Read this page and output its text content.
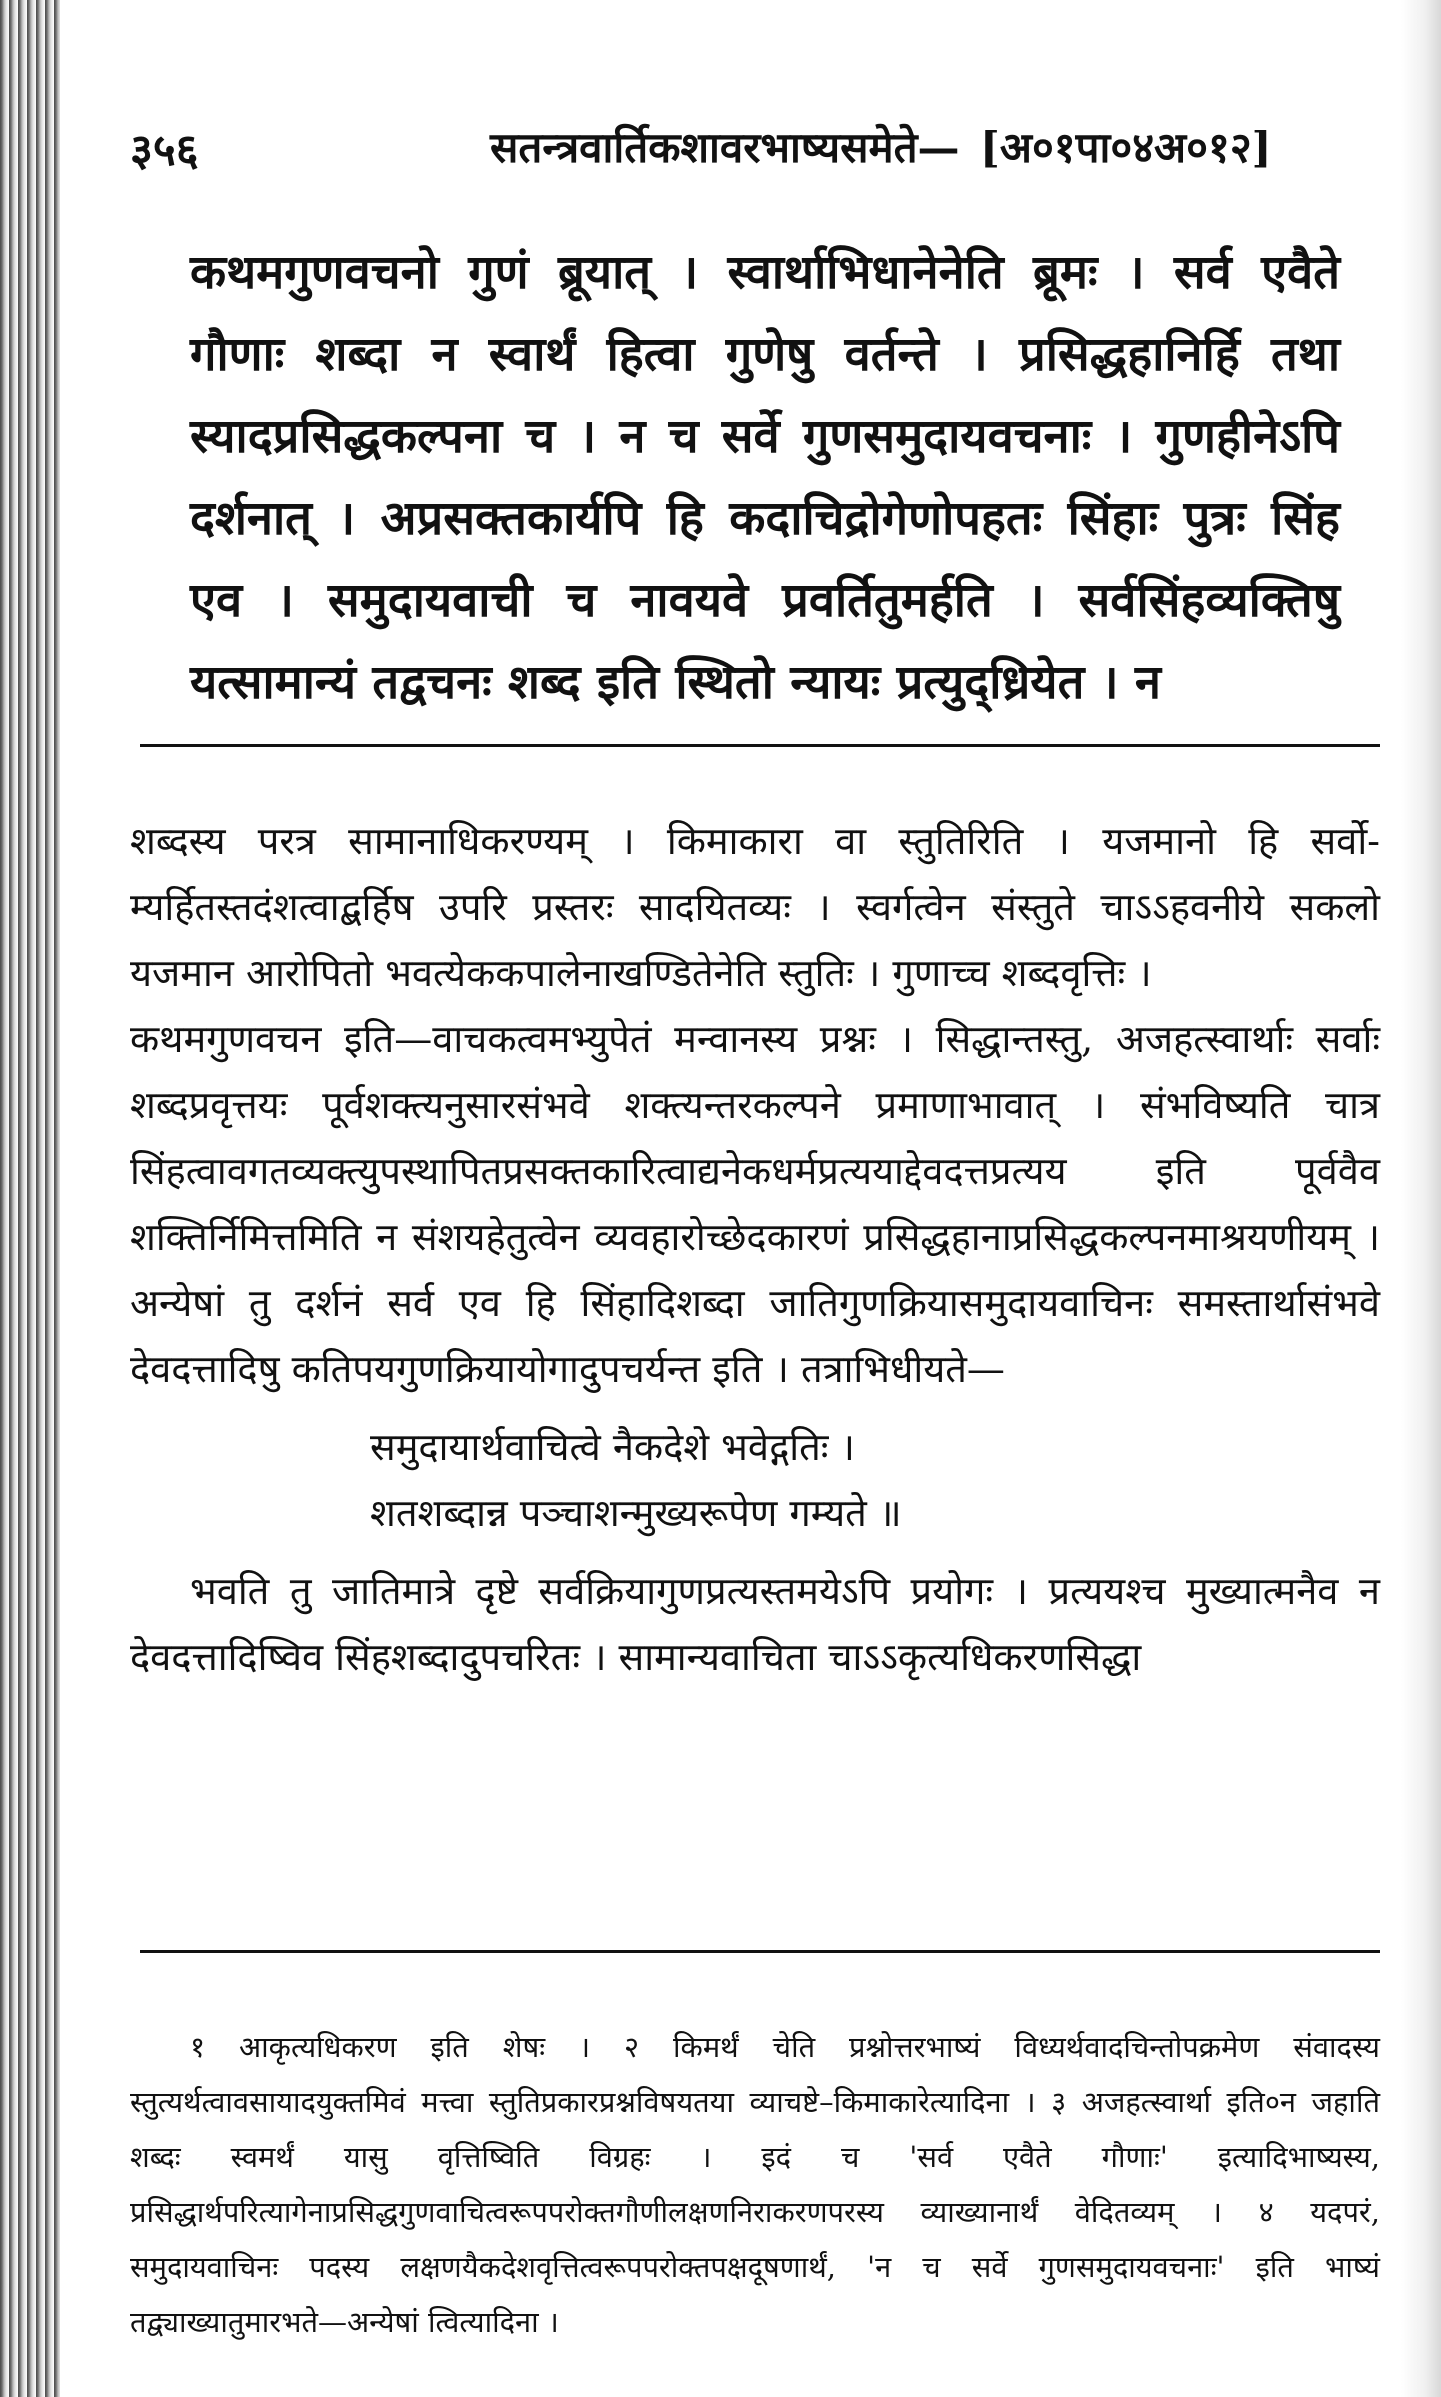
३५६	सतन्त्रवार्तिकशावरभाष्यसमेते— [अ०१पा०४अ०१२]

कथमगुणवचनो गुणं ब्रूयात् । स्वार्थाभिधानेनेति ब्रूमः । सर्व एवैते गौणाः शब्दा न स्वार्थं हित्वा गुणेषु वर्तन्ते । प्रसिद्धहानिर्हि तथा स्यादप्रसिद्धकल्पना च । न च सर्वे गुणसमुदायवचनाः । गुणहीनेऽपि दर्शनात् । अप्रसक्तकार्यपि हि कदाचिद्रोगेणोपहतः सिंहाः पुत्रः सिंह एव । समुदायवाची च नावयवे प्रवर्तितुमर्हति । सर्वसिंहव्यक्तिषु यत्सामान्यं तद्वचनः शब्द इति स्थितो न्यायः प्रत्युद्ध्रियेत । न

शब्दस्य परत्र सामानाधिकरण्यम् । किमाकारा वा स्तुतिरिति । यजमानो हि सर्वो-म्यर्हितस्तदंशत्वाद्बर्हिष उपरि प्रस्तरः सादयितव्यः । स्वर्गत्वेन संस्तुते चाऽऽहवनीये सकलो यजमान आरोपितो भवत्येककपालेनाखण्डितेनेति स्तुतिः । गुणाच्च शब्दवृत्तिः ।

कथमगुणवचन इति—वाचकत्वमभ्युपेतं मन्वानस्य प्रश्नः । सिद्धान्तस्तु, अजहत्स्वार्थाः सर्वाः शब्दप्रवृत्तयः पूर्वशक्त्यनुसारसंभवे शक्त्यन्तरकल्पने प्रमाणाभावात् । संभविष्यति चात्र सिंहत्वावगतव्यक्त्युपस्थापितप्रसक्तकारित्वाद्यनेकधर्मप्रत्ययाद्देवदत्तप्रत्यय इति पूर्ववैव शक्तिर्निमित्तमिति न संशयहेतुत्वेन व्यवहारोच्छेदकारणं प्रसिद्धहानाप्रसिद्धकल्पनमाश्रयणीयम् । अन्येषां तु दर्शनं सर्व एव हि सिंहादिशब्दा जातिगुणक्रियासमुदायवाचिनः समस्तार्थासंभवे देवदत्तादिषु कतिपयगुणक्रियायोगादुपचर्यन्त इति । तत्राभिधीयते—

समुदायार्थवाचित्वे नैकदेशे भवेद्गतिः ।
शतशब्दान्न पञ्चाशन्मुख्यरूपेण गम्यते ॥

भवति तु जातिमात्रे दृष्टे सर्वक्रियागुणप्रत्यस्तमयेऽपि प्रयोगः । प्रत्ययश्च मुख्यात्मनैव न देवदत्तादिष्विव सिंहशब्दादुपचरितः । सामान्यवाचिता चाऽऽकृत्यधिकरणसिद्धा

१ आकृत्यधिकरण इति शेषः । २ किमर्थं चेति प्रश्नोत्तरभाष्यं विध्यर्थवादचिन्तोपक्रमेण संवादस्य स्तुत्यर्थत्वावसायादयुक्तमिवं मत्त्वा स्तुतिप्रकारप्रश्नविषयतया व्याचष्टे–किमाकारेत्यादिना । ३ अजहत्स्वार्था इति०न जहाति शब्दः स्वमर्थं यासु वृत्तिष्विति विग्रहः । इदं च 'सर्व एवैते गौणाः' इत्यादिभाष्यस्य, प्रसिद्धार्थपरित्यागेनाप्रसिद्धगुणवाचित्वरूपपरोक्तगौणीलक्षणनिराकरणपरस्य व्याख्यानार्थं वेदितव्यम् । ४ यदपरं, समुदायवाचिनः पदस्य लक्षणयैकदेशवृत्तित्वरूपपरोक्तपक्षदूषणार्थं, 'न च सर्वे गुणसमुदायवचनाः' इति भाष्यं तद्व्याख्यातुमारभते—अन्येषां त्वित्यादिना ।
